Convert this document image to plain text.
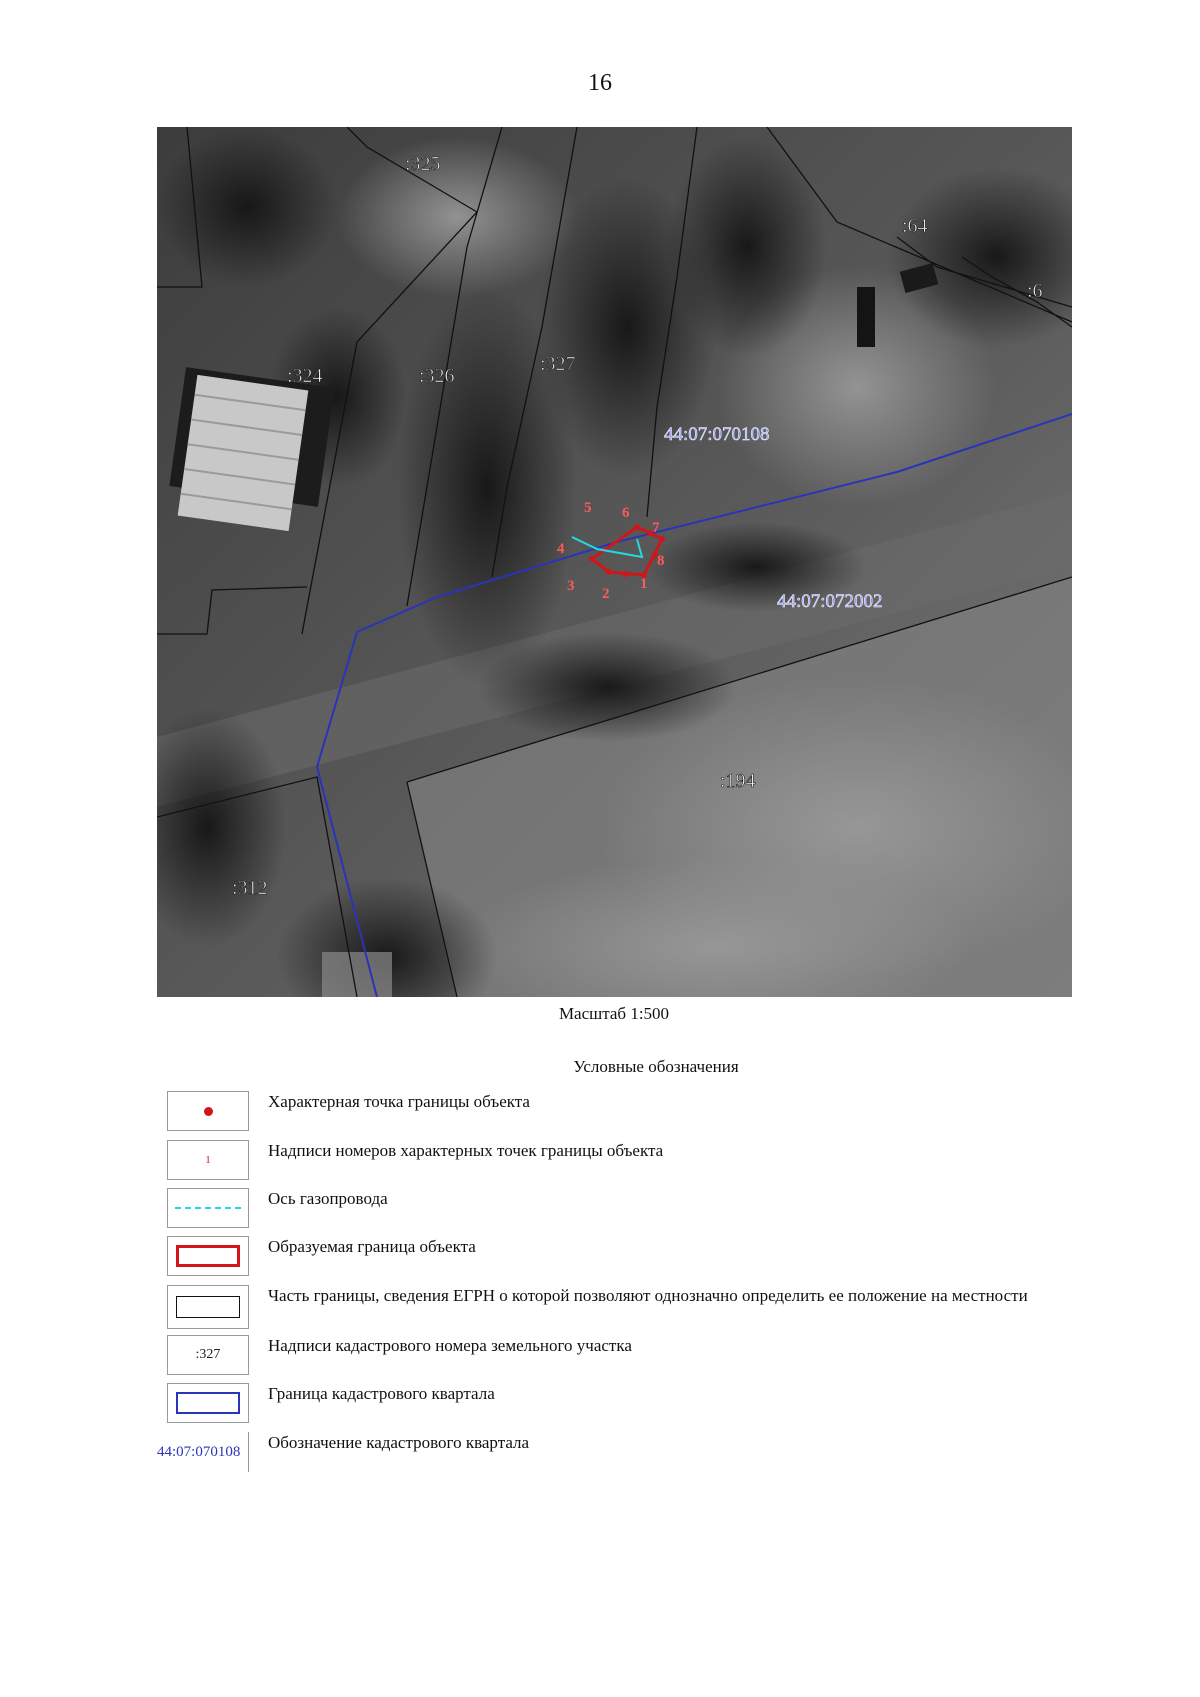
16
1
2
3
4
5 6
7
8
:325
:64
:6
:324	:326
:327
:194
:312
44:07:070108
44:07:072002
Масштаб 1:500
Условные обозначения
Характерная точка границы объекта
1	Надписи номеров характерных точек границы объекта
Ось газопровода
Образуемая граница объекта
Часть границы, сведения ЕГРН о которой позволяют однозначно определить ее положение на местности
:327	Надписи кадастрового номера земельного участка
Граница кадастрового квартала
44:07:070108	Обозначение кадастрового квартала
